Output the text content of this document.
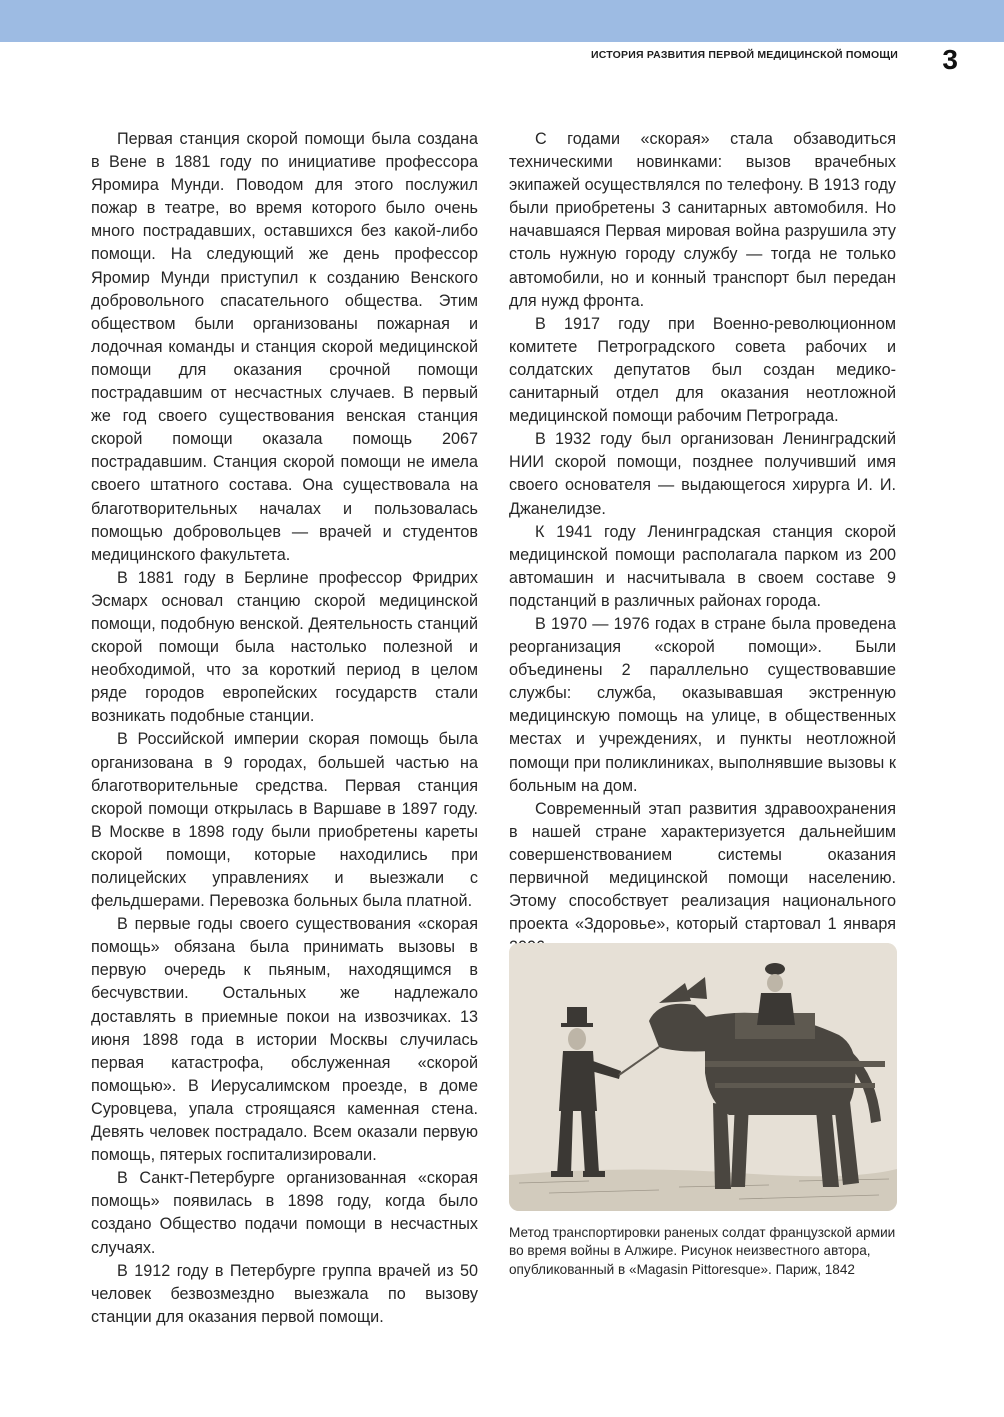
ИСТОРИЯ РАЗВИТИЯ ПЕРВОЙ МЕДИЦИНСКОЙ ПОМОЩИ 3

Первая станция скорой помощи была создана в Вене в 1881 году по инициативе профессора Яромира Мунди. Поводом для этого послужил пожар в театре, во время которого было очень много пострадавших, оставшихся без какой-либо помощи. На следующий же день профессор Яромир Мунди приступил к созданию Венского добровольного спасательного общества. Этим обществом были организованы пожарная и лодочная команды и станция скорой медицинской помощи для оказания срочной помощи пострадавшим от несчастных случаев. В первый же год своего существования венская станция скорой помощи оказала помощь 2067 пострадавшим. Станция скорой помощи не имела своего штатного состава. Она существовала на благотворительных началах и пользовалась помощью добровольцев — врачей и студентов медицинского факультета.

В 1881 году в Берлине профессор Фридрих Эсмарх основал станцию скорой медицинской помощи, подобную венской. Деятельность станций скорой помощи была настолько полезной и необходимой, что за короткий период в целом ряде городов европейских государств стали возникать подобные станции.

В Российской империи скорая помощь была организована в 9 городах, большей частью на благотворительные средства. Первая станция скорой помощи открылась в Варшаве в 1897 году. В Москве в 1898 году были приобретены кареты скорой помощи, которые находились при полицейских управлениях и выезжали с фельдшерами. Перевозка больных была платной.

В первые годы своего существования «скорая помощь» обязана была принимать вызовы в первую очередь к пьяным, находящимся в бесчувствии. Остальных же надлежало доставлять в приемные покои на извозчиках. 13 июня 1898 года в истории Москвы случилась первая катастрофа, обслуженная «скорой помощью». В Иерусалимском проезде, в доме Суровцева, упала строящаяся каменная стена. Девять человек пострадало. Всем оказали первую помощь, пятерых госпитализировали.

В Санкт-Петербурге организованная «скорая помощь» появилась в 1898 году, когда было создано Общество подачи помощи в несчастных случаях.

В 1912 году в Петербурге группа врачей из 50 человек безвозмездно выезжала по вызову станции для оказания первой помощи.

С годами «скорая» стала обзаводиться техническими новинками: вызов врачебных экипажей осуществлялся по телефону. В 1913 году были приобретены 3 санитарных автомобиля. Но начавшаяся Первая мировая война разрушила эту столь нужную городу службу — тогда не только автомобили, но и конный транспорт был передан для нужд фронта.

В 1917 году при Военно-революционном комитете Петроградского совета рабочих и солдатских депутатов был создан медико-санитарный отдел для оказания неотложной медицинской помощи рабочим Петрограда.

В 1932 году был организован Ленинградский НИИ скорой помощи, позднее получивший имя своего основателя — выдающегося хирурга И. И. Джанелидзе.

К 1941 году Ленинградская станция скорой медицинской помощи располагала парком из 200 автомашин и насчитывала в своем составе 9 подстанций в различных районах города.

В 1970 — 1976 годах в стране была проведена реорганизация «скорой помощи». Были объединены 2 параллельно существовавшие службы: служба, оказывавшая экстренную медицинскую помощь на улице, в общественных местах и учреждениях, и пункты неотложной помощи при поликлиниках, выполнявшие вызовы к больным на дом.

Современный этап развития здравоохранения в нашей стране характеризуется дальнейшим совершенствованием системы оказания первичной медицинской помощи населению. Этому способствует реализация национального проекта «Здоровье», который стартовал 1 января

Метод транспортировки раненых солдат французской армии во время войны в Алжире. Рисунок неизвестного автора, опубликованный в «Magasin Pittoresque». Париж, 1842
